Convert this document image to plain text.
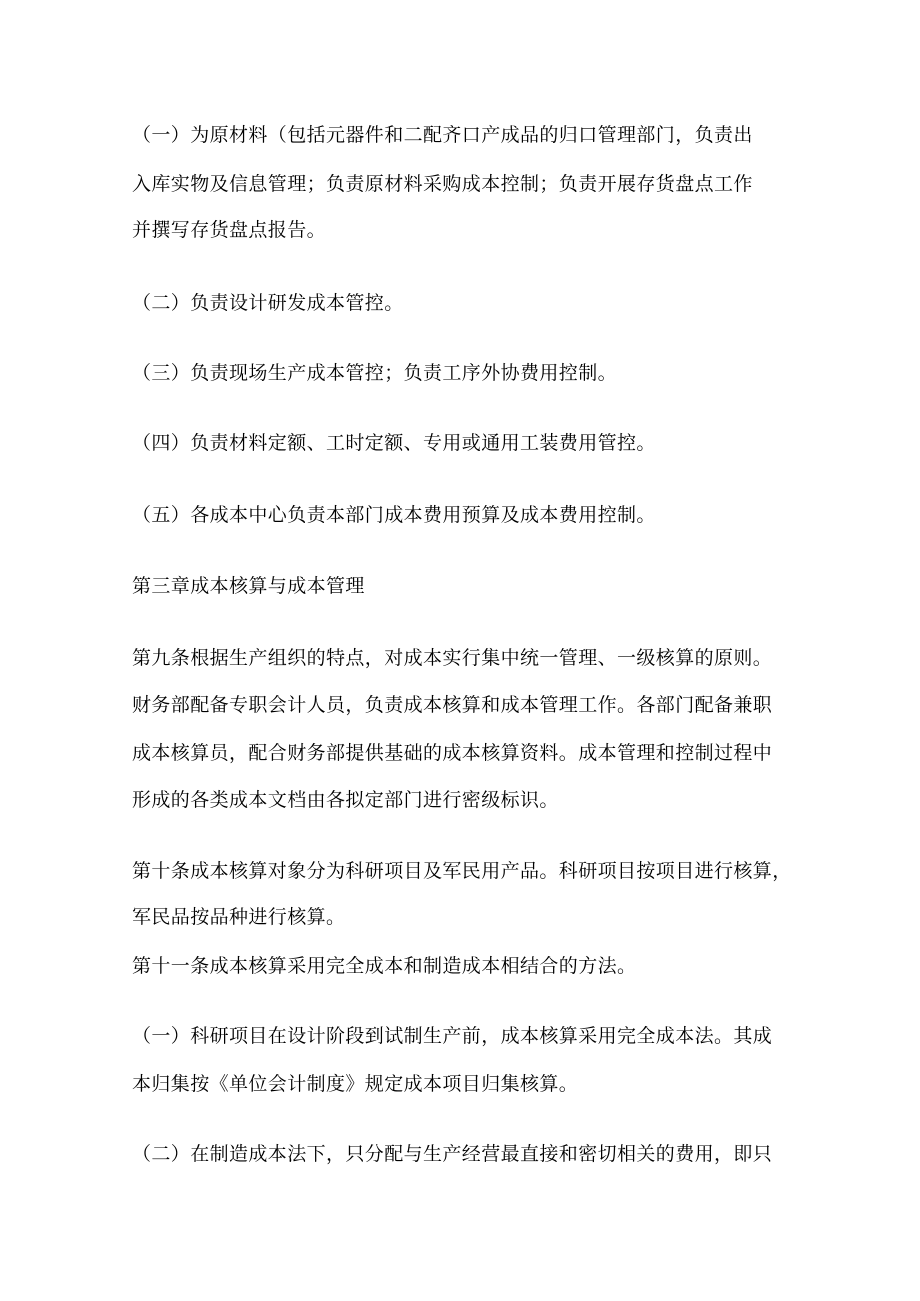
（一）为原材料（包括元器件和二配齐口产成品的归口管理部门，负责出

入库实物及信息管理；负责原材料采购成本控制；负责开展存货盘点工作

并撰写存货盘点报告。

（二）负责设计研发成本管控。

（三）负责现场生产成本管控；负责工序外协费用控制。

（四）负责材料定额、工时定额、专用或通用工装费用管控。

（五）各成本中心负责本部门成本费用预算及成本费用控制。

第三章成本核算与成本管理

第九条根据生产组织的特点，对成本实行集中统一管理、一级核算的原则。

财务部配备专职会计人员，负责成本核算和成本管理工作。各部门配备兼职

成本核算员，配合财务部提供基础的成本核算资料。成本管理和控制过程中

形成的各类成本文档由各拟定部门进行密级标识。

第十条成本核算对象分为科研项目及军民用产品。科研项目按项目进行核算，

军民品按品种进行核算。

第十一条成本核算采用完全成本和制造成本相结合的方法。

（一）科研项目在设计阶段到试制生产前，成本核算采用完全成本法。其成

本归集按《单位会计制度》规定成本项目归集核算。

（二）在制造成本法下，只分配与生产经营最直接和密切相关的费用，即只
